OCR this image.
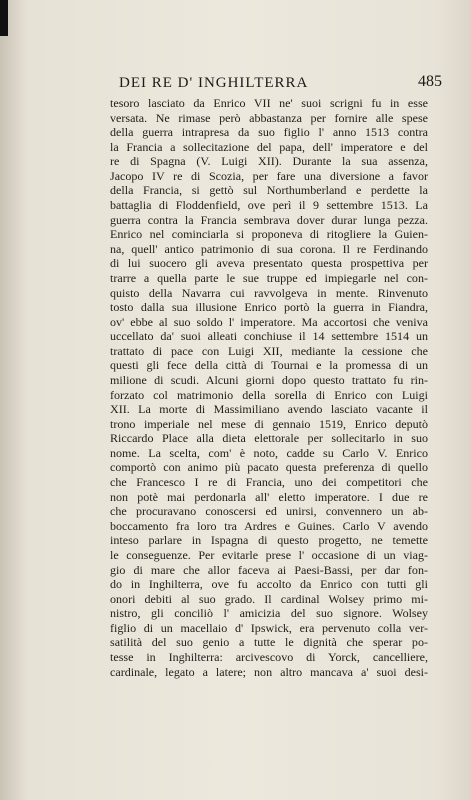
DEI RE D' INGHILTERRA	485
tesoro lasciato da Enrico VII ne' suoi scrigni fu in esse
versata. Ne rimase però abbastanza per fornire alle spese
della guerra intrapresa da suo figlio l' anno 1513 contra
la Francia a sollecitazione del papa, dell' imperatore e del
re di Spagna (V. Luigi XII). Durante la sua assenza,
Jacopo IV re di Scozia, per fare una diversione a favor
della Francia, si gettò sul Northumberland e perdette la
battaglia di Floddenfield, ove perì il 9 settembre 1513. La
guerra contra la Francia sembrava dover durar lunga pezza.
Enrico nel cominciarla si proponeva di ritogliere la Guien-
na, quell' antico patrimonio di sua corona. Il re Ferdinando
di lui suocero gli aveva presentato questa prospettiva per
trarre a quella parte le sue truppe ed impiegarle nel con-
quisto della Navarra cui ravvolgeva in mente. Rinvenuto
tosto dalla sua illusione Enrico portò la guerra in Fiandra,
ov' ebbe al suo soldo l' imperatore. Ma accortosi che veniva
uccellato da' suoi alleati conchiuse il 14 settembre 1514 un
trattato di pace con Luigi XII, mediante la cessione che
questi gli fece della città di Tournai e la promessa di un
milione di scudi. Alcuni giorni dopo questo trattato fu rin-
forzato col matrimonio della sorella di Enrico con Luigi
XII. La morte di Massimiliano avendo lasciato vacante il
trono imperiale nel mese di gennaio 1519, Enrico deputò
Riccardo Place alla dieta elettorale per sollecitarlo in suo
nome. La scelta, com' è noto, cadde su Carlo V. Enrico
comportò con animo più pacato questa preferenza di quello
che Francesco I re di Francia, uno dei competitori che
non potè mai perdonarla all' eletto imperatore. I due re
che procuravano conoscersi ed unirsi, convennero un ab-
boccamento fra loro tra Ardres e Guines. Carlo V avendo
inteso parlare in Ispagna di questo progetto, ne temette
le conseguenze. Per evitarle prese l' occasione di un viag-
gio di mare che allor faceva ai Paesi-Bassi, per dar fon-
do in Inghilterra, ove fu accolto da Enrico con tutti gli
onori debiti al suo grado. Il cardinal Wolsey primo mi-
nistro, gli conciliò l' amicizia del suo signore. Wolsey
figlio di un macellaio d' Ipswick, era pervenuto colla ver-
satilità del suo genio a tutte le dignità che sperar po-
tesse in Inghilterra: arcivescovo di Yorck, cancelliere,
cardinale, legato a latere; non altro mancava a' suoi desi-
